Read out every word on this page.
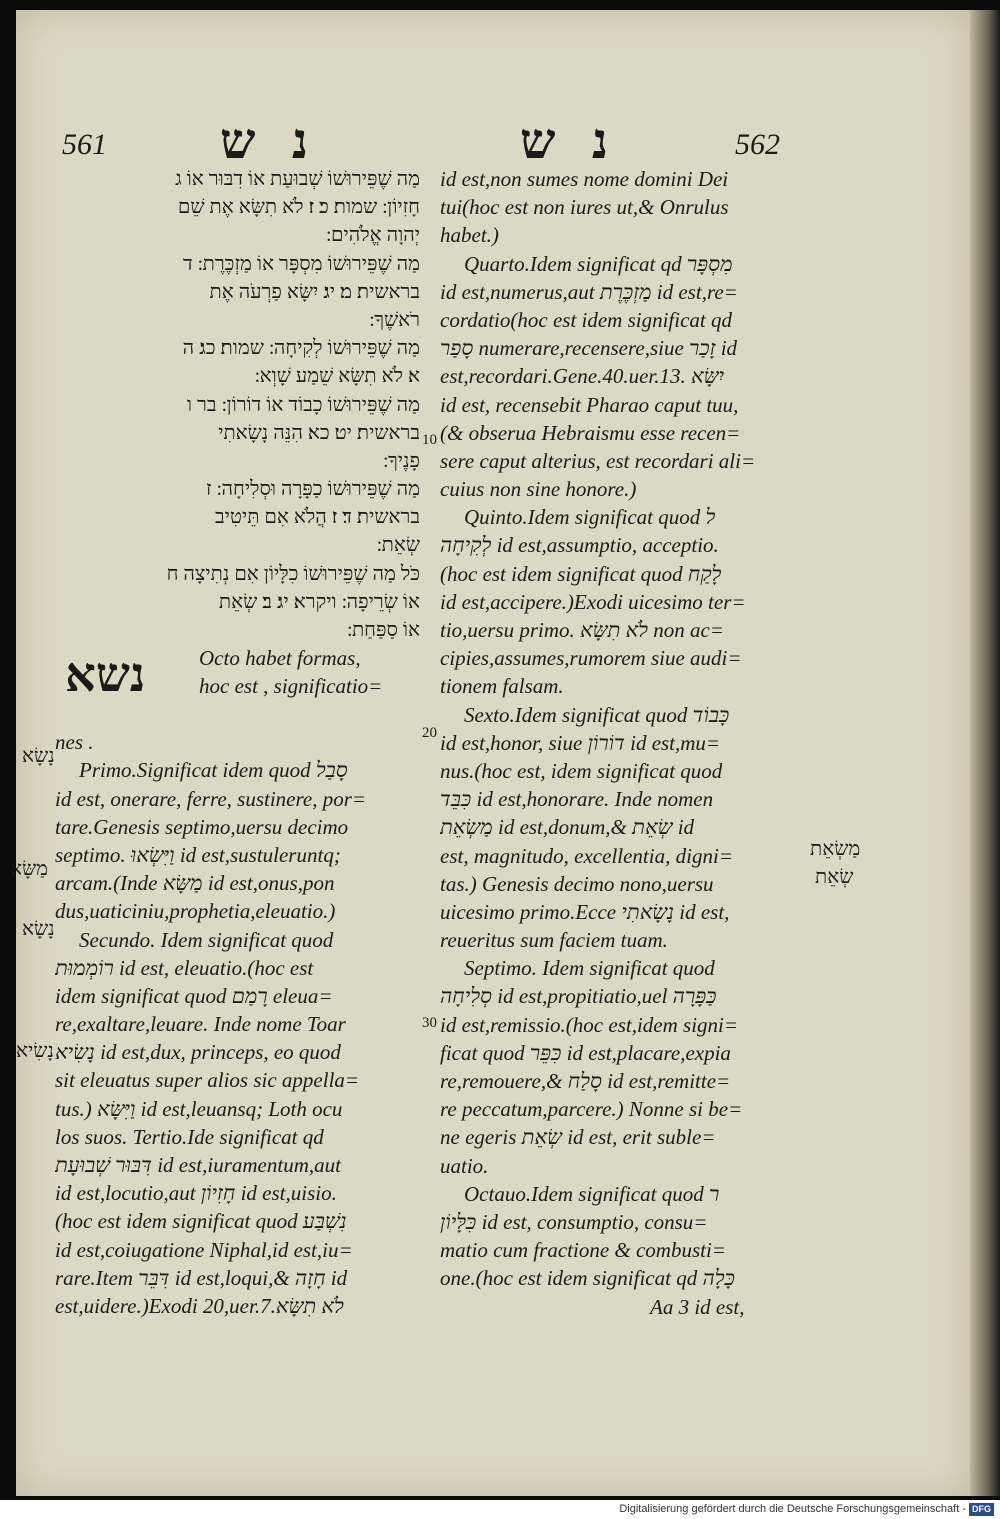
561 נ ש	נ ש	562
מַה שֶׁפֵּירוּשׁוֹ שְׁבוּעַת אוֹ דִבּוּר אוֹ ג
חָזִיוֹן ׃ שמות׃ כ׃ ז׃ לֹא תִשָּׂא אֶת שֵׁם
יְהוָה אֱלֹהִים ׃
מַה שֶׁפֵּירוּשׁוֹ מִסְפָּר אוֹ מַזְכֶּרֶת ׃ ד
בראשית׃ מ׃ יג׃ יִשָּׂא פַרְעֹה אֶת
רֹאשֶׁךָ ׃
מַה שֶׁפֵּירוּשׁוֹ לְקִיחָה ׃ שמות׃ כג׃ ה
א׃ לֹא תִשָּׂא שֵׁמַע שָׁוְא ׃
מַה שֶׁפֵּירוּשׁוֹ כָבוֹד אוֹ דוֹרוֹן ׃ בר ו
בראשית׃ יט׃ כא׃ הִנֵּה נָשָׂאתִי
פָנֶיךָ ׃
מַה שֶׁפֵּירוּשׁוֹ כַפָּרָה וּסְלִיחָה ׃ ז
בראשית׃ ד׃ ז׃ הֲלֹא אִם תֵּיטִיב
שְׂאֵת ׃
כֹּל מַה שֶׁפֵּירוּשׁוֹ כִלָּיוֹן אִם נְתִיצָה ח
אוֹ שְׂרֵיפָה ׃ ויקרא׃ יג׃ ב׃ שְׂאֵת
אוֹ סַפַּחַת ׃
נשא	Octo habet formas,
hoc est , significatio=
nes .
Primo.Significat idem quod סָבַל
id est, onerare, ferre, sustinere, por=
tare.Genesis septimo,uersu decimo
septimo. וַיִּשְׂאוּ id est,sustuleruntq;
arcam.(Inde מַשָּׂא id est,onus,pon
dus,uaticiniu,prophetia,eleuatio.)
Secundo. Idem significat quod
רוֹמְמוּת id est, eleuatio.(hoc est
idem significat quod רָמַם eleua=
re,exaltare,leuare. Inde nome Toar
נָשִׂיא id est,dux, princeps, eo quod
sit eleuatus super alios sic appella=
tus.) וַיִּשָּׂא id est,leuansq; Loth ocu
los suos. Tertio.Ide significat qd
דִּבּוּר שְׁבוּעָת id est,iuramentum,aut
id est,locutio,aut חָזִיוֹן id est,uisio.
(hoc est idem significat quod נִשְׁבַּע
id est,coiugatione Niphal,id est,iu=
rare.Item דִּבֵּר id est,loqui,& חָזָה id
est,uidere.)Exodi 20,uer.7.לֹא תִשָּׂא
id est,non sumes nome domini Dei
tui(hoc est non iures ut,& Onrulus
habet.)
Quarto.Idem significat qd מִסְפָּר
id est,numerus,aut מַזְכֶּרֶת id est,re=
cordatio(hoc est idem significat qd
סָפַר numerare,recensere,siue זָכַר id
est,recordari.Gene.40.uer.13. יִשָּׂא
id est, recensebit Pharao caput tuu,
(& obserua Hebraismu esse recen=
sere caput alterius, est recordari ali=
cuius non sine honore.)
Quinto.Idem significat quod ל
לְקִיחָה id est,assumptio, acceptio.
(hoc est idem significat quod לָקַח
id est,accipere.)Exodi uicesimo ter=
tio,uersu primo. לֹא תִשָּׂא non ac=
cipies,assumes,rumorem siue audi=
tionem falsam.
Sexto.Idem significat quod כָּבוֹד
id est,honor, siue דוֹרוֹן id est,mu=
nus.(hoc est, idem significat quod
כִּבֵּד id est,honorare. Inde nomen
מַשְׂאֵת id est,donum,& שְׂאֵת id
est, magnitudo, excellentia, digni=
tas.) Genesis decimo nono,uersu
uicesimo primo.Ecce נָשָׂאתִי id est,
reueritus sum faciem tuam.
Septimo. Idem significat quod
סְלִיחָה id est,propitiatio,uel כַּפָּרָה
id est,remissio.(hoc est,idem signi=
ficat quod כִּפֵּר id est,placare,expia
re,remouere,& סָלַח id est,remitte=
re peccatum,parcere.) Nonne si be=
ne egeris שְׂאֵת id est, erit suble=
uatio.
Octauo.Idem significat quod ר
כִּלָּיוֹן id est, consumptio, consu=
matio cum fractione & combusti=
one.(hoc est idem significat qd כָּלָה
Aa 3 id est,
נָשָׂא
מַשָּׂא
נָשָׂא
נָשִׂיא
מַשְׂאֵת
שְׂאֵת
10
20
30
Digitalisierung gefördert durch die Deutsche Forschungsgemeinschaft - DFG
